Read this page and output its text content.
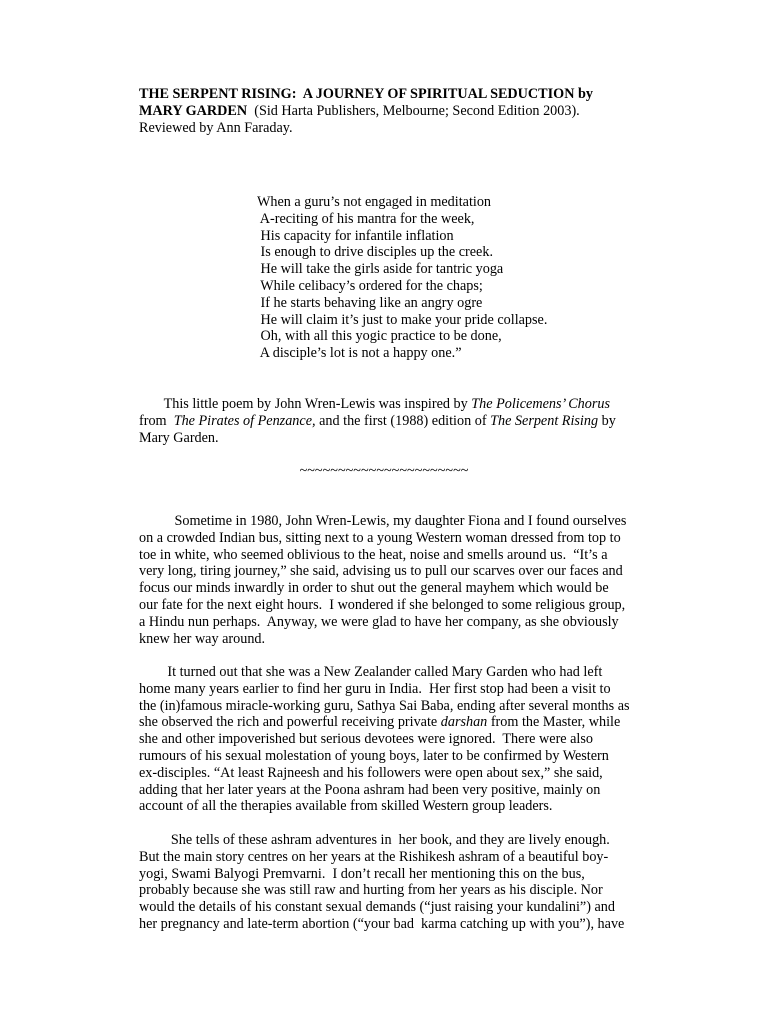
THE SERPENT RISING:  A JOURNEY OF SPIRITUAL SEDUCTION by
MARY GARDEN  (Sid Harta Publishers, Melbourne; Second Edition 2003).
Reviewed by Ann Faraday.
When a guru’s not engaged in meditation
A-reciting of his mantra for the week,
His capacity for infantile inflation
Is enough to drive disciples up the creek.
He will take the girls aside for tantric yoga
While celibacy’s ordered for the chaps;
If he starts behaving like an angry ogre
He will claim it’s just to make your pride collapse.
Oh, with all this yogic practice to be done,
A disciple’s lot is not a happy one.”
This little poem by John Wren-Lewis was inspired by The Policemens’ Chorus
from  The Pirates of Penzance, and the first (1988) edition of The Serpent Rising by
Mary Garden.
~~~~~~~~~~~~~~~~~~~~~~
Sometime in 1980, John Wren-Lewis, my daughter Fiona and I found ourselves
on a crowded Indian bus, sitting next to a young Western woman dressed from top to
toe in white, who seemed oblivious to the heat, noise and smells around us.  “It’s a
very long, tiring journey,” she said, advising us to pull our scarves over our faces and
focus our minds inwardly in order to shut out the general mayhem which would be
our fate for the next eight hours.  I wondered if she belonged to some religious group,
a Hindu nun perhaps.  Anyway, we were glad to have her company, as she obviously
knew her way around.
It turned out that she was a New Zealander called Mary Garden who had left
home many years earlier to find her guru in India.  Her first stop had been a visit to
the (in)famous miracle-working guru, Sathya Sai Baba, ending after several months as
she observed the rich and powerful receiving private darshan from the Master, while
she and other impoverished but serious devotees were ignored.  There were also
rumours of his sexual molestation of young boys, later to be confirmed by Western
ex-disciples. “At least Rajneesh and his followers were open about sex,” she said,
adding that her later years at the Poona ashram had been very positive, mainly on
account of all the therapies available from skilled Western group leaders.
She tells of these ashram adventures in  her book, and they are lively enough.
But the main story centres on her years at the Rishikesh ashram of a beautiful boy-
yogi, Swami Balyogi Premvarni.  I don’t recall her mentioning this on the bus,
probably because she was still raw and hurting from her years as his disciple. Nor
would the details of his constant sexual demands (“just raising your kundalini”) and
her pregnancy and late-term abortion (“your bad  karma catching up with you”), have
